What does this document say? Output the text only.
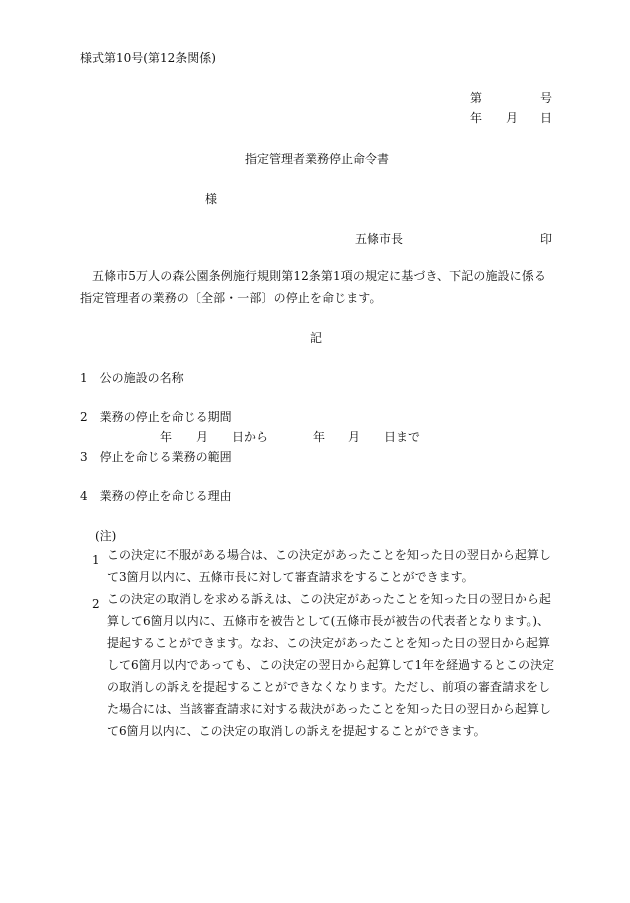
様式第10号(第12条関係)
第	号
年 月 日
指定管理者業務停止命令書
様
五條市長	印
五條市5万人の森公園条例施行規則第12条第1項の規定に基づき、下記の施設に係る指定管理者の業務の〔全部・一部〕の停止を命じます。
記
1 公の施設の名称
2 業務の停止を命じる期間
年 月 日から	年 月 日まで
3 停止を命じる業務の範囲
4 業務の停止を命じる理由
(注)
1 この決定に不服がある場合は、この決定があったことを知った日の翌日から起算して3箇月以内に、五條市長に対して審査請求をすることができます。
2 この決定の取消しを求める訴えは、この決定があったことを知った日の翌日から起算して6箇月以内に、五條市を被告として(五條市長が被告の代表者となります。)、提起することができます。なお、この決定があったことを知った日の翌日から起算して6箇月以内であっても、この決定の翌日から起算して1年を経過するとこの決定の取消しの訴えを提起することができなくなります。ただし、前項の審査請求をした場合には、当該審査請求に対する裁決があったことを知った日の翌日から起算して6箇月以内に、この決定の取消しの訴えを提起することができます。
